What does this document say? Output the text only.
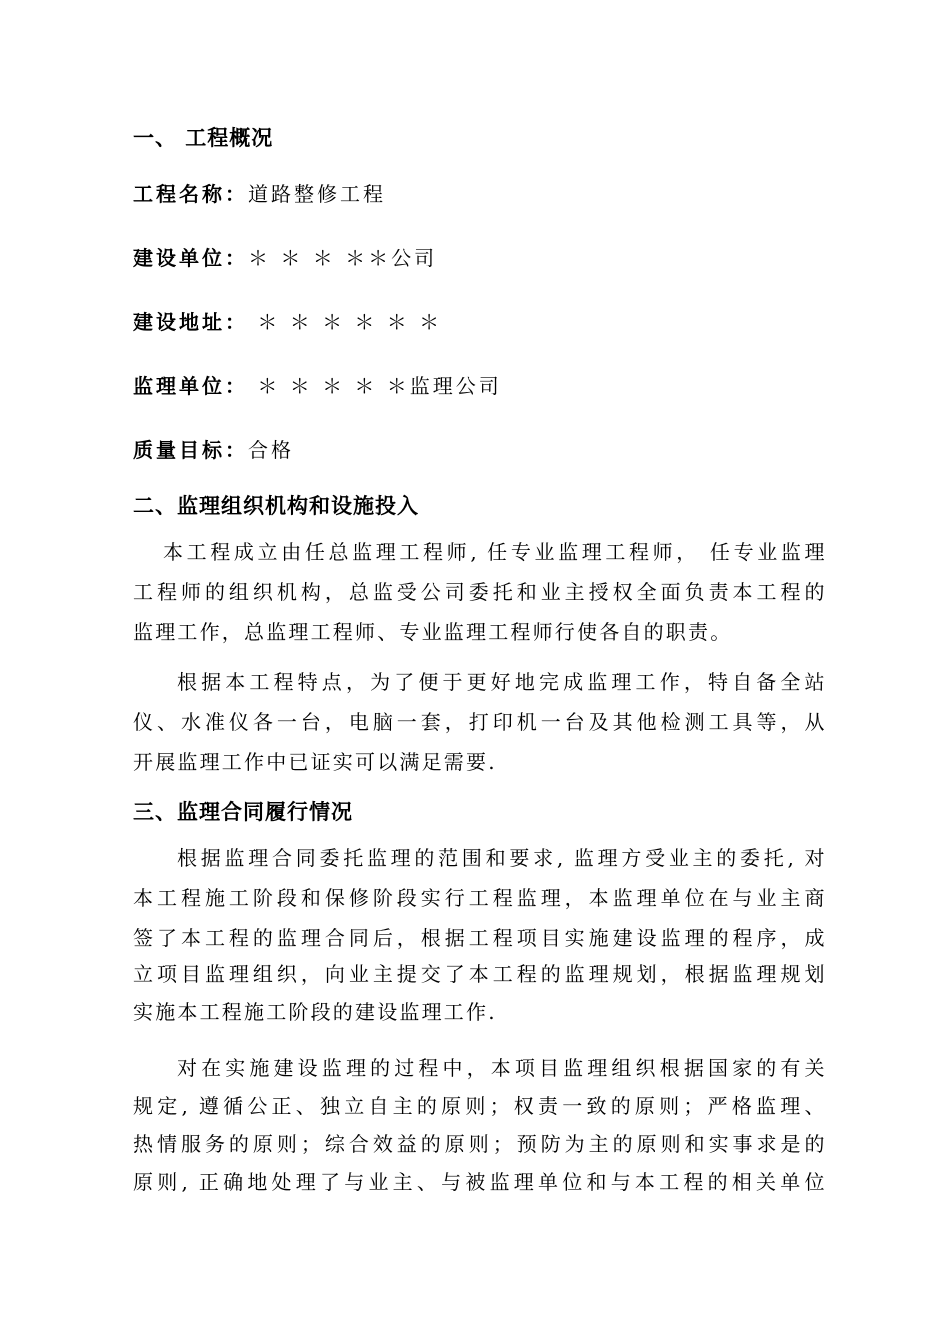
一、 工程概况
工程名称：道路整修工程
建设单位：＊ ＊ ＊ ＊＊公司
建设地址： ＊ ＊ ＊ ＊ ＊ ＊
监理单位： ＊ ＊ ＊ ＊ ＊监理公司
质量目标：合格
二、监理组织机构和设施投入
本工程成立由任总监理工程师, 任专业监理工程师， 任专业监理
工程师的组织机构，总监受公司委托和业主授权全面负责本工程的
监理工作，总监理工程师、专业监理工程师行使各自的职责。
根据本工程特点，为了便于更好地完成监理工作，特自备全站
仪、水准仪各一台，电脑一套，打印机一台及其他检测工具等，从
开展监理工作中已证实可以满足需要.
三、监理合同履行情况
根据监理合同委托监理的范围和要求, 监理方受业主的委托, 对
本工程施工阶段和保修阶段实行工程监理，本监理单位在与业主商
签了本工程的监理合同后，根据工程项目实施建设监理的程序，成
立项目监理组织，向业主提交了本工程的监理规划，根据监理规划
实施本工程施工阶段的建设监理工作.
对在实施建设监理的过程中，本项目监理组织根据国家的有关
规定, 遵循公正、独立自主的原则；权责一致的原则；严格监理、
热情服务的原则；综合效益的原则；预防为主的原则和实事求是的
原则, 正确地处理了与业主、与被监理单位和与本工程的相关单位
